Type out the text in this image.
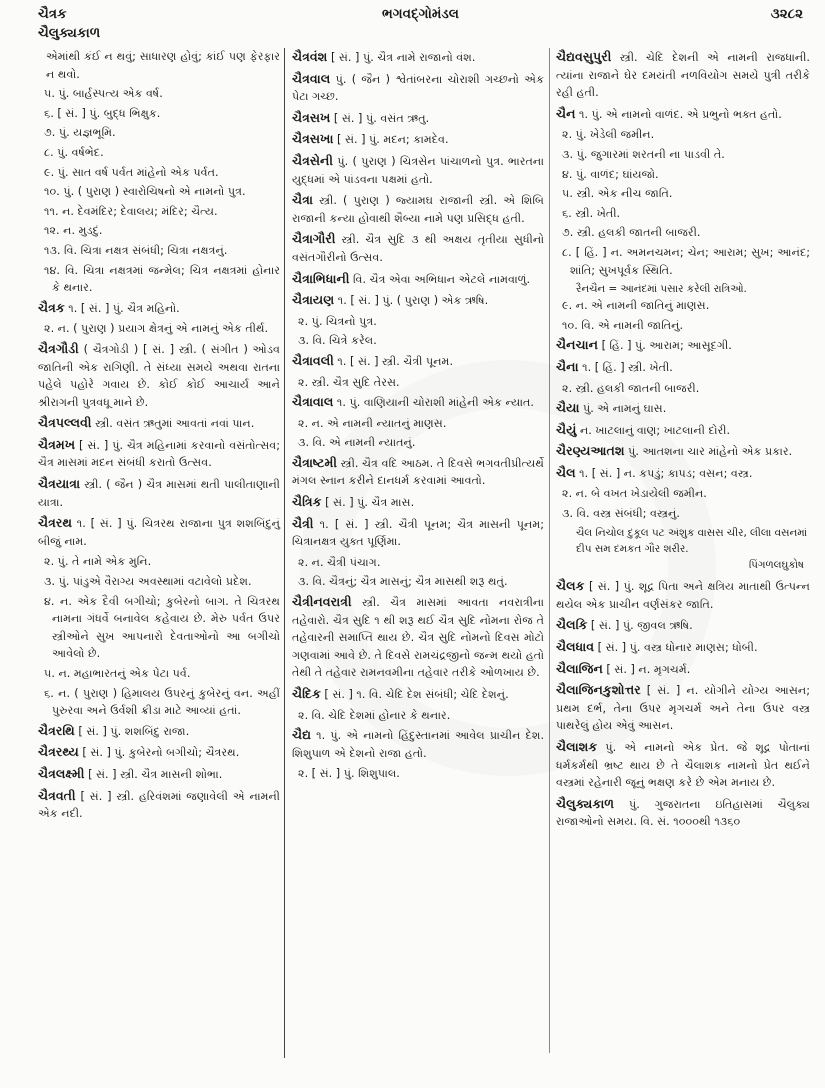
ચૈત્રક	ભગવદ્ગોમંડલ	૩૨૮૨
ચૈલુક્યકાળ
એમાંથી કંઈ ન થવું; સાધારણ હોવું; કાંઈ પણ ફેરફાર ન થવો.
૫. પું. બાર્હસ્પત્ય એક વર્ષ.
૬. [ સં. ] પું. બુદ્ધ ભિક્ષુક.
૭. પું. યજ્ઞભૂમિ.
૮. પું. વર્ષભેદ.
૯. પું. સાત વર્ષ પર્વત માંહેનો એક પર્વત.
૧૦. પું. ( પુરાણ ) સ્વારોચિષનો એ નામનો પુત્ર.
૧૧. ન. દેવમંદિર; દેવાલય; મંદિર; ચૈત્ય.
૧૨. ન. મુડદું.
૧૩. વિ. ચિત્રા નક્ષત્ર સંબંધી; ચિત્રા નક્ષત્રનું.
૧૪. વિ. ચિત્રા નક્ષત્રમાં જન્મેલ; ચિત્ર નક્ષત્રમાં હોનાર કે થનાર.
ચૈત્રક ૧. [ સં. ] પું. ચૈત્ર મહિનો.
૨. ન. ( પુરાણ ) પ્રયાગ ક્ષેત્રનું એ નામનું એક તીર્થ.
ચૈત્રગૌડી ( ચૈત્રગોડી ) [ સં. ] સ્ત્રી. ( સંગીત ) ઓડવ જાતિની એક રાગિણી. તે સંધ્યા સમયે અથવા રાતના પહેલે પહોરે ગવાય છે. કોઈ કોઈ આચાર્ય આને શ્રીરાગની પુત્રવધૂ માને છે.
ચૈત્રપલ્લવી સ્ત્રી. વસંત ઋતુમાં આવતાં નવાં પાન.
ચૈત્રમખ [ સં. ] પું. ચૈત્ર મહિનામાં કરવાનો વસંતોત્સવ; ચૈત્ર માસમાં મદન સંબંધી કરાતો ઉત્સવ.
ચૈત્રયાત્રા સ્ત્રી. ( જૈન ) ચૈત્ર માસમાં થતી પાલીતાણાની યાત્રા.
ચૈત્રરથ ૧. [ સં. ] પું. ચિત્રરથ રાજાના પુત્ર શશબિંદુનું બીજું નામ.
૨. પું. તે નામે એક મુનિ.
૩. પું. પાંડુએ વૈરાગ્ય અવસ્થામાં વટાવેલો પ્રદેશ.
૪. ન. એક દૈવી બગીચો; કુબેરનો બાગ. તે ચિત્રરથ નામના ગંધર્વે બનાવેલ કહેવાય છે. મેરુ પર્વત ઉપર સ્ત્રીઓને સુખ આપનારો દેવતાઓનો આ બગીચો આવેલો છે.
૫. ન. મહાભારતનું એક પેટા પર્વ.
૬. ન. ( પુરાણ ) હિમાલય ઉપરનું કુબેરનું વન. અહીં પુરુરવા અને ઉર્વશી ક્રીડા માટે આવ્યાં હતાં.
ચૈત્રરથિ [ સં. ] પું. શશબિંદુ રાજા.
ચૈત્રરથ્ય [ સં. ] પું. કુબેરનો બગીચો; ચૈત્રરથ.
ચૈત્રલક્ષ્મી [ સં. ] સ્ત્રી. ચૈત્ર માસની શોભા.
ચૈત્રવતી [ સં. ] સ્ત્રી. હરિવંશમાં જણાવેલી એ નામની એક નદી.
ચૈત્રવંશ [ સં. ] પું. ચૈત્ર નામે રાજાનો વંશ.
ચૈત્રવાલ પું. ( જૈન ) શ્વેતાંબરના ચોરાશી ગચ્છનો એક પેટા ગચ્છ.
ચૈત્રસખ [ સં. ] પું. વસંત ઋતુ.
ચૈત્રસખા [ સં. ] પું. મદન; કામદેવ.
ચૈત્રસેની પું. ( પુરાણ ) ચિત્રસેન પાંચાળનો પુત્ર. ભારતના યુદ્ધમાં એ પાંડવના પક્ષમાં હતો.
ચૈત્રા સ્ત્રી. ( પુરાણ ) જ્યામઘ રાજાની સ્ત્રી. એ શિબિ રાજાની કન્યા હોવાથી શૈબ્યા નામે પણ પ્રસિદ્ધ હતી.
ચૈત્રાગૌરી સ્ત્રી. ચૈત્ર સુદિ ૩ થી અક્ષય તૃતીયા સુધીનો વસંતગૌરીનો ઉત્સવ.
ચૈત્રાભિધાની વિ. ચૈત્ર એવા અભિધાન એટલે નામવાળું.
ચૈત્રાયણ ૧. [ સં. ] પું. ( પુરાણ ) એક ઋષિ.
૨. પું. ચિત્રનો પુત્ર.
૩. વિ. ચિત્રે કરેલ.
ચૈત્રાવલી ૧. [ સં. ] સ્ત્રી. ચૈત્રી પૂનમ.
૨. સ્ત્રી. ચૈત્ર સુદિ તેરસ.
ચૈત્રાવાલ ૧. પું. વાણિયાની ચોરાશી માંહેની એક ન્યાત.
૨. ન. એ નામની ન્યાતનું માણસ.
૩. વિ. એ નામની ન્યાતનું.
ચૈત્રાષ્ટમી સ્ત્રી. ચૈત્ર વદિ આઠમ. તે દિવસે ભગવતીપ્રીત્યર્થે મંગલ સ્નાન કરીને દાનધર્મ કરવામાં આવતો.
ચૈત્રિક [ સં. ] પું. ચૈત્ર માસ.
ચૈત્રી ૧. [ સં. ] સ્ત્રી. ચૈત્રી પૂનમ; ચૈત્ર માસની પૂનમ; ચિત્રાનક્ષત્ર યુક્ત પૂર્ણિમા.
૨. ન. ચૈત્રી પંચાગ.
૩. વિ. ચૈત્રનું; ચૈત્ર માસનું; ચૈત્ર માસથી શરૂ થતું.
ચૈત્રીનવરાત્રી સ્ત્રી. ચૈત્ર માસમાં આવતા નવરાત્રીના તહેવારો. ચૈત્ર સુદિ ૧ થી શરૂ થઈ ચૈત્ર સુદિ નોમના રોજ તે તહેવારની સમાપ્તિ થાય છે. ચૈત્ર સુદિ નોમનો દિવસ મોટો ગણવામાં આવે છે. તે દિવસે રામચંદ્રજીનો જન્મ થયો હતો તેથી તે તહેવાર રામનવમીના તહેવાર તરીકે ઓળખાય છે.
ચૈદિક [ સં. ] ૧. વિ. ચેદિ દેશ સંબંધી; ચેદિ દેશનું.
૨. વિ. ચેદિ દેશમાં હોનાર કે થનાર.
ચૈદ્ય ૧. પું. એ નામનો હિંદુસ્તાનમાં આવેલ પ્રાચીન દેશ. શિશુપાળ એ દેશનો રાજા હતો.
૨. [ સં. ] પું. શિશુપાલ.
ચૈદ્યવસુપુરી સ્ત્રી. ચેદિ દેશની એ નામની રાજધાની. ત્યાંના રાજાને ઘેર દમયંતી નળવિયોગ સમયે પુત્રી તરીકે રહી હતી.
ચૈન ૧. પું. એ નામનો વાળંદ. એ પ્રભુનો ભક્ત હતો.
૨. પું. ખેડેલી જમીન.
૩. પું. જુગારમાં શરતની ના પાડવી તે.
૪. પું. વાળંદ; ઘાંયજો.
૫. સ્ત્રી. એક નીચ જાતિ.
૬. સ્ત્રી. ખેતી.
૭. સ્ત્રી. હલકી જાતની બાજરી.
૮. [ હિં. ] ન. અમનચમન; ચેન; આરામ; સુખ; આનંદ; શાંતિ; સુખપૂર્વક સ્થિતિ.
રૈનચૈન = આનંદમાં પસાર કરેલી રાત્રિઓ.
૯. ન. એ નામની જાતિનું માણસ.
૧૦. વિ. એ નામની જાતિનું.
ચૈનચાન [ હિં. ] પું. આરામ; આસૂદગી.
ચૈના ૧. [ હિં. ] સ્ત્રી. ખેતી.
૨. સ્ત્રી. હલકી જાતની બાજરી.
ચૈયા પું. એ નામનું ઘાસ.
ચૈયું ન. ખાટલાનું વાણ; ખાટલાની દોરી.
ચૈરણ્યઆતશ પું. આતશના ચાર માંહેનો એક પ્રકાર.
ચૈલ ૧. [ સં. ] ન. કપડું; કાપડ; વસન; વસ્ત્ર.
૨. ન. બે વખત ખેડાયેલી જમીન.
૩. વિ. વસ્ત્ર સંબંધી; વસ્ત્રનું.
ચૈલ નિચોલ દુકૂલ પટ અંશુક વાસસ ચીર, લીલા વસનમાં દીપ સમ દમકત ગૌર શરીર.
પિંગળલઘુકોષ
ચૈલક [ સં. ] પું. શૂદ્ર પિતા અને ક્ષત્રિય માતાથી ઉત્પન્ન થયેલ એક પ્રાચીન વર્ણસંકર જાતિ.
ચૈલકિ [ સં. ] પું. જીવલ ઋષિ.
ચૈલધાવ [ સં. ] પું. વસ્ત્ર ધોનાર માણસ; ધોબી.
ચૈલાજિન [ સં. ] ન. મૃગચર્મ.
ચૈલાજિનકુશોત્તર [ સં. ] ન. યોગીને યોગ્ય આસન; પ્રથમ દર્ભ, તેના ઉપર મૃગચર્મ અને તેના ઉપર વસ્ત્ર પાથરેલું હોય એવું આસન.
ચૈલાશક પું. એ નામનો એક પ્રેત. જે શૂદ્ર પોતાનાં ધર્મકર્મથી ભ્રષ્ટ થાય છે તે ચૈલાશક નામનો પ્રેત થઈને વસ્ત્રમાં રહેનારી જૂનું ભક્ષણ કરે છે એમ મનાય છે.
ચૈલુક્યકાળ પું. ગુજરાતના ઇતિહાસમાં ચૈલુક્ય રાજાઓનો સમય. વિ. સં. ૧૦૦૦થી ૧૩૬૦
